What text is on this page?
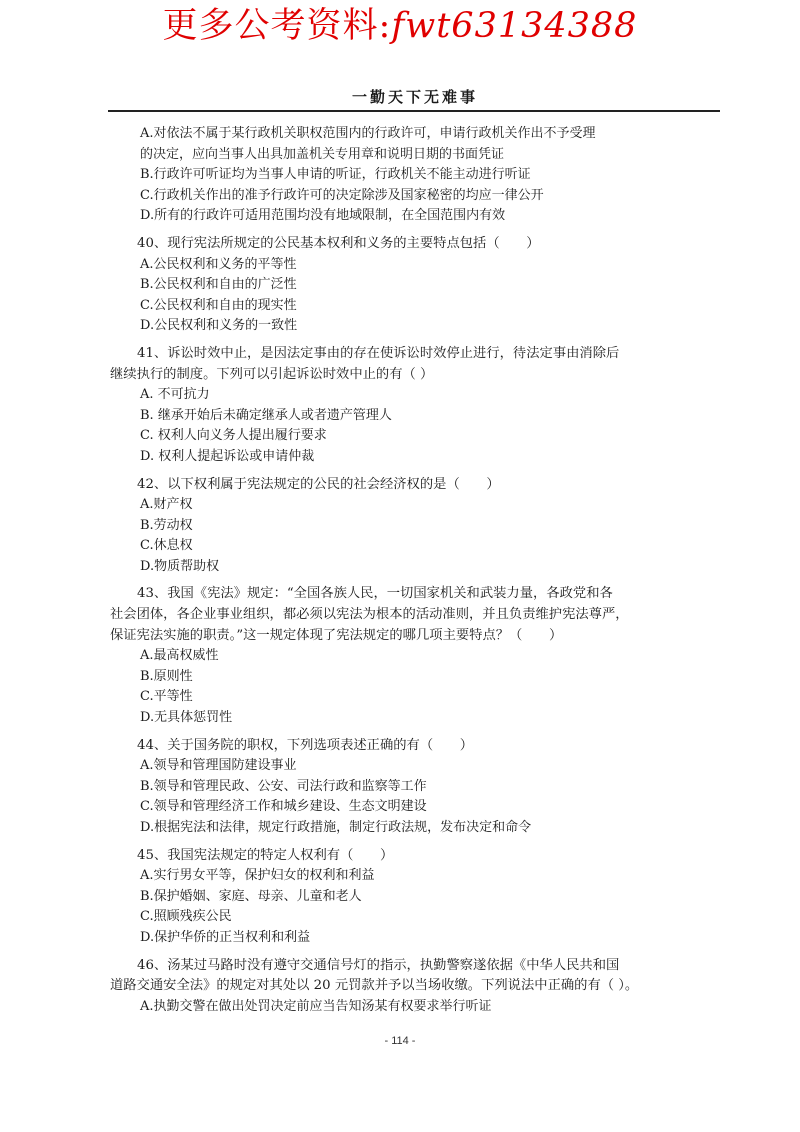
更多公考资料:fwt63134388
一勤天下无难事
A.对依法不属于某行政机关职权范围内的行政许可，申请行政机关作出不予受理
的决定，应向当事人出具加盖机关专用章和说明日期的书面凭证
B.行政许可听证均为当事人申请的听证，行政机关不能主动进行听证
C.行政机关作出的准予行政许可的决定除涉及国家秘密的均应一律公开
D.所有的行政许可适用范围均没有地域限制，在全国范围内有效
40、现行宪法所规定的公民基本权利和义务的主要特点包括（　　）
A.公民权利和义务的平等性
B.公民权利和自由的广泛性
C.公民权利和自由的现实性
D.公民权利和义务的一致性
41、诉讼时效中止，是因法定事由的存在使诉讼时效停止进行，待法定事由消除后
继续执行的制度。下列可以引起诉讼时效中止的有（ ）
A. 不可抗力
B. 继承开始后未确定继承人或者遗产管理人
C. 权利人向义务人提出履行要求
D. 权利人提起诉讼或申请仲裁
42、以下权利属于宪法规定的公民的社会经济权的是（　　）
A.财产权
B.劳动权
C.休息权
D.物质帮助权
43、我国《宪法》规定：“全国各族人民，一切国家机关和武装力量，各政党和各
社会团体，各企业事业组织，都必须以宪法为根本的活动准则，并且负责维护宪法尊严，
保证宪法实施的职责。”这一规定体现了宪法规定的哪几项主要特点？（　　）
A.最高权威性
B.原则性
C.平等性
D.无具体惩罚性
44、关于国务院的职权，下列选项表述正确的有（　　）
A.领导和管理国防建设事业
B.领导和管理民政、公安、司法行政和监察等工作
C.领导和管理经济工作和城乡建设、生态文明建设
D.根据宪法和法律，规定行政措施，制定行政法规，发布决定和命令
45、我国宪法规定的特定人权利有（　　）
A.实行男女平等，保护妇女的权利和利益
B.保护婚姻、家庭、母亲、儿童和老人
C.照顾残疾公民
D.保护华侨的正当权利和利益
46、汤某过马路时没有遵守交通信号灯的指示，执勤警察遂依据《中华人民共和国
道路交通安全法》的规定对其处以 20 元罚款并予以当场收缴。下列说法中正确的有（ ）。
A.执勤交警在做出处罚决定前应当告知汤某有权要求举行听证
- 114 -
